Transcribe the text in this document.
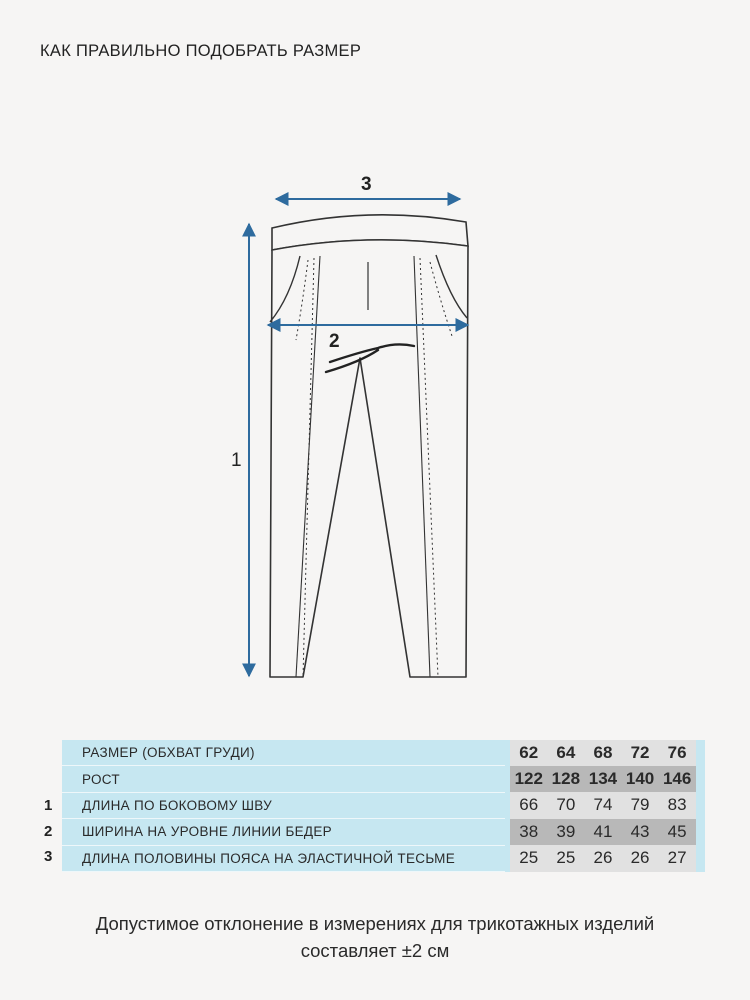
КАК ПРАВИЛЬНО ПОДОБРАТЬ РАЗМЕР
3
2
1
1
2
3
РАЗМЕР (ОБХВАТ ГРУДИ)		62	64	68	72	76	
РОСТ		122	128	134	140	146	
ДЛИНА ПО БОКОВОМУ ШВУ		66	70	74	79	83	
ШИРИНА НА УРОВНЕ ЛИНИИ БЕДЕР		38	39	41	43	45	
ДЛИНА ПОЛОВИНЫ ПОЯСА НА ЭЛАСТИЧНОЙ ТЕСЬМЕ		25	25	26	26	27	
Допустимое отклонение в измерениях для трикотажных изделий
составляет ±2 см
